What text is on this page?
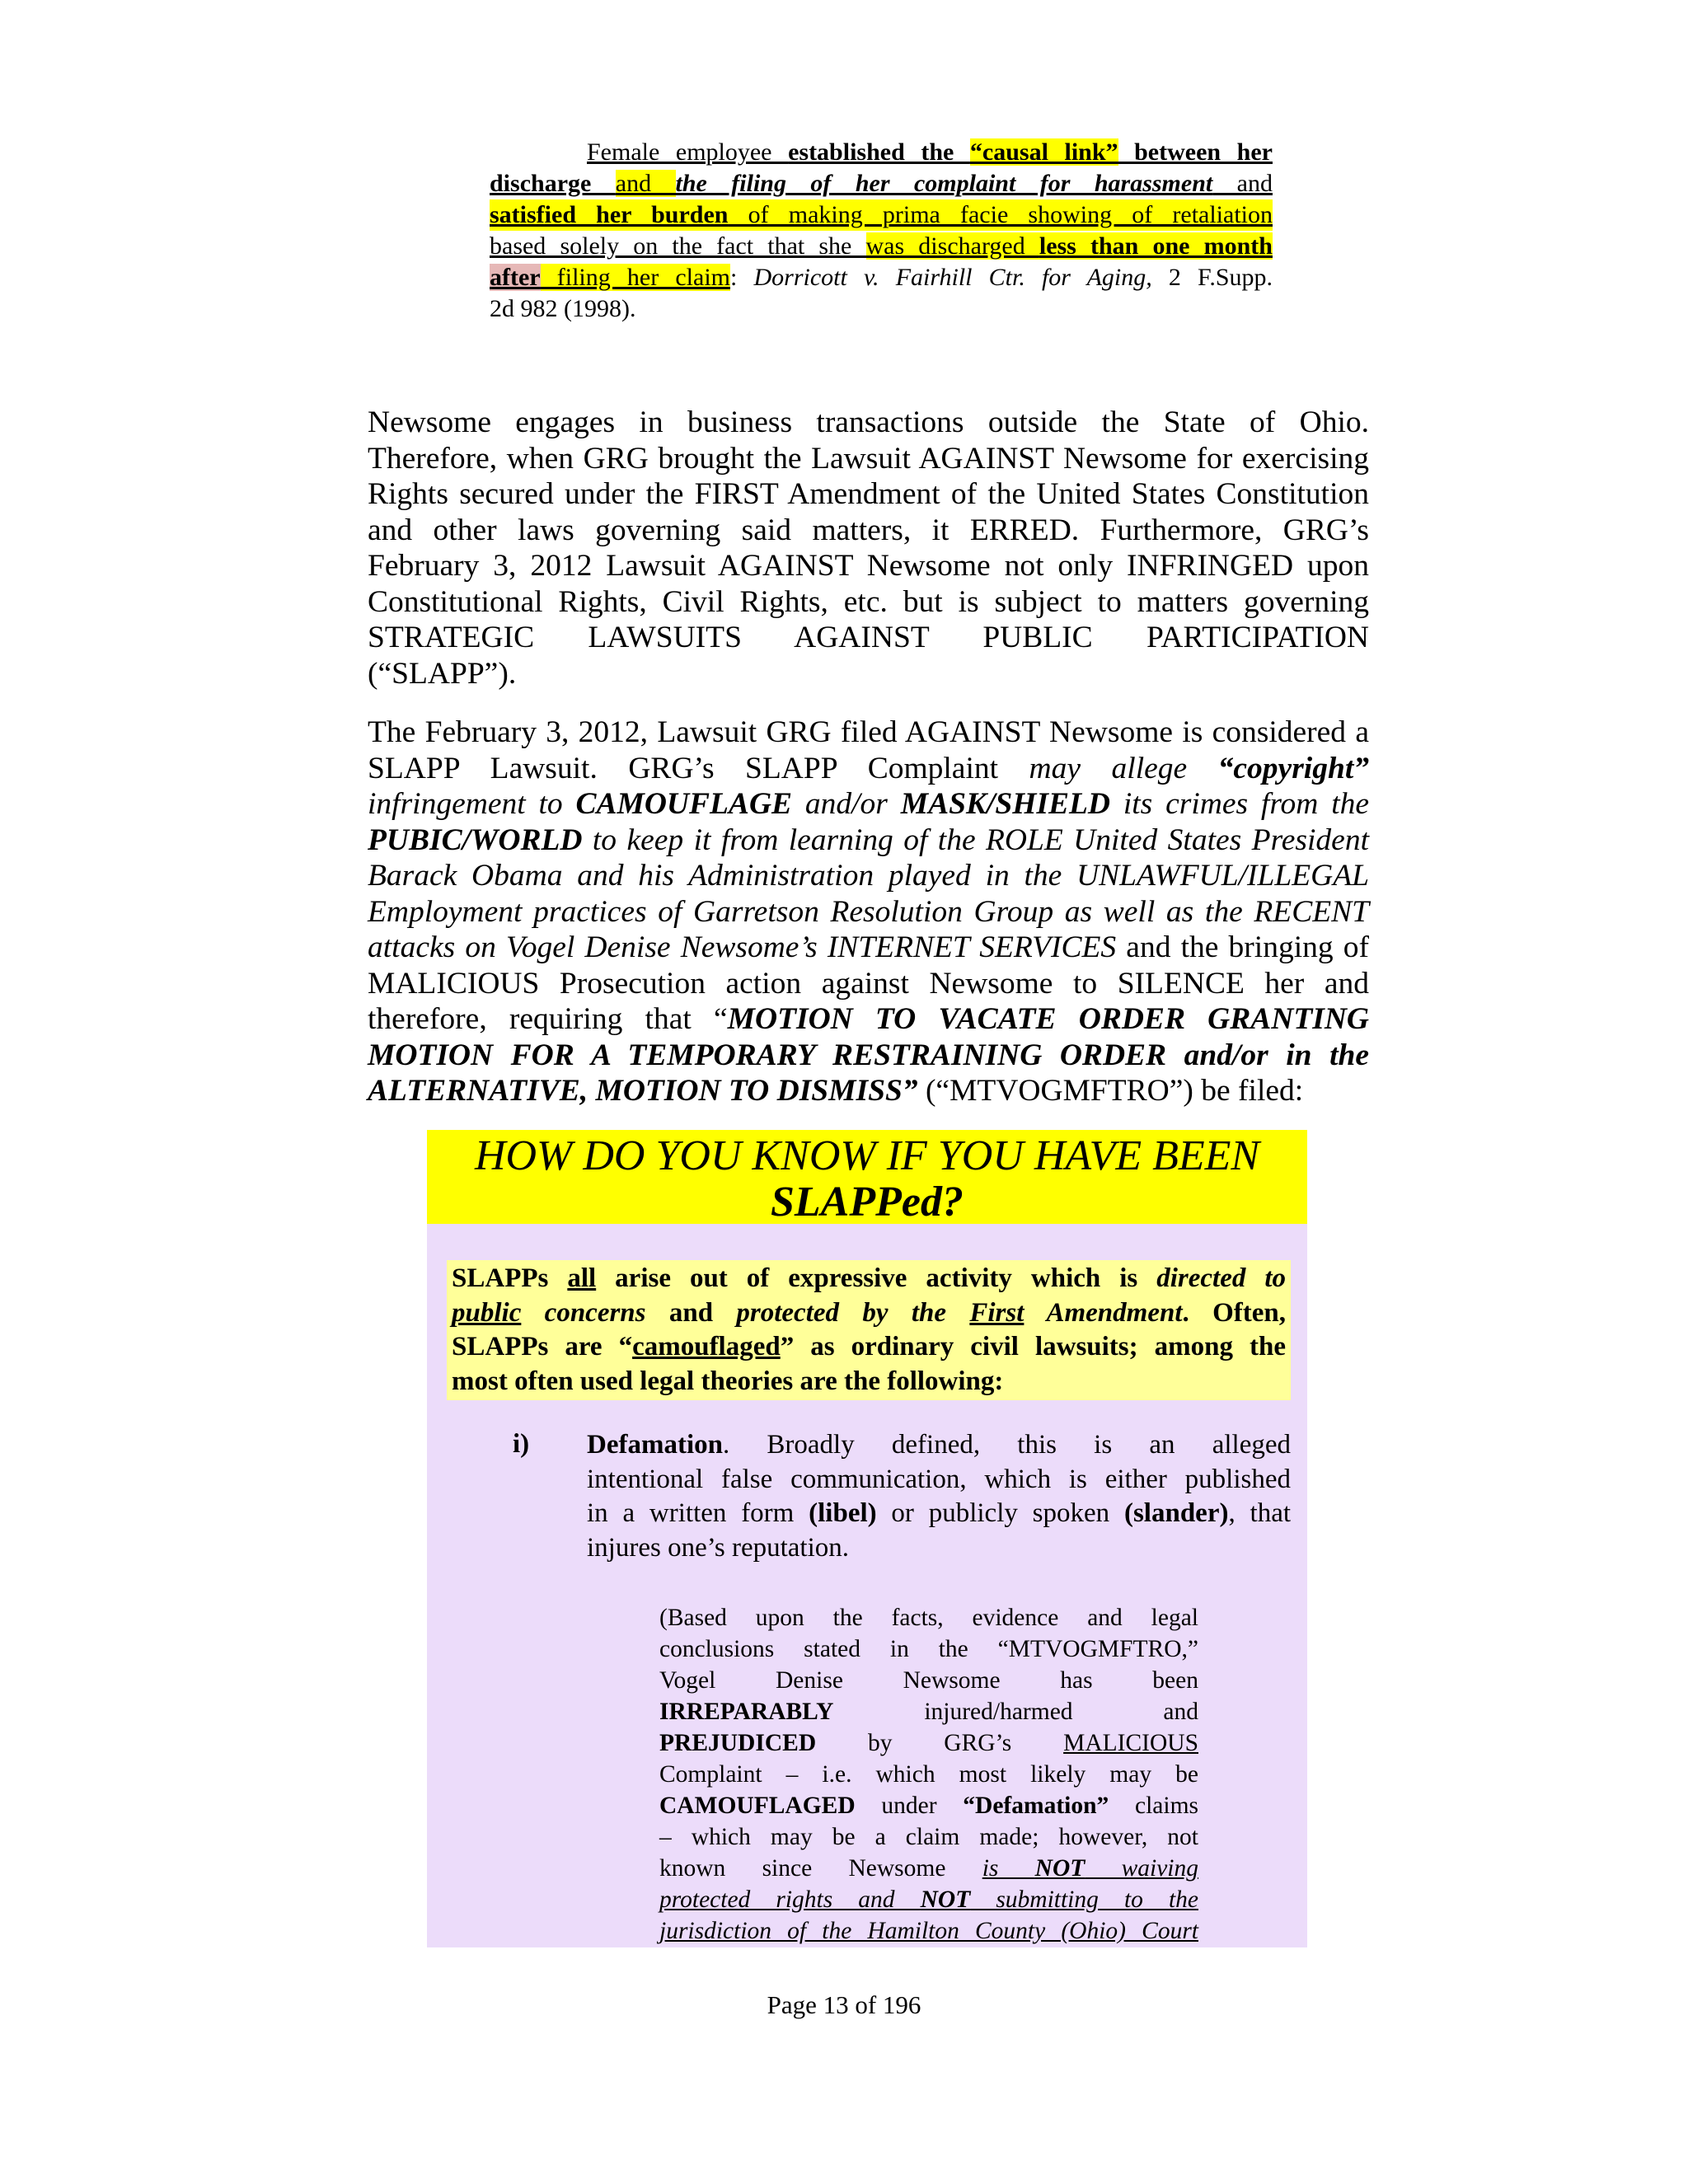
Female employee established the “causal link” between her
discharge and the filing of her complaint for harassment and
satisfied her burden of making prima facie showing of retaliation
based solely on the fact that she was discharged less than one month
after filing her claim: Dorricott v. Fairhill Ctr. for Aging, 2 F.Supp.
2d 982 (1998).
Newsome engages in business transactions outside the State of Ohio.
Therefore, when GRG brought the Lawsuit AGAINST Newsome for exercising
Rights secured under the FIRST Amendment of the United States Constitution
and other laws governing said matters, it ERRED. Furthermore, GRG’s
February 3, 2012 Lawsuit AGAINST Newsome not only INFRINGED upon
Constitutional Rights, Civil Rights, etc. but is subject to matters governing
STRATEGIC LAWSUITS AGAINST PUBLIC PARTICIPATION
(“SLAPP”).
The February 3, 2012, Lawsuit GRG filed AGAINST Newsome is considered a
SLAPP Lawsuit. GRG’s SLAPP Complaint may allege “copyright”
infringement to CAMOUFLAGE and/or MASK/SHIELD its crimes from the
PUBIC/WORLD to keep it from learning of the ROLE United States President
Barack Obama and his Administration played in the UNLAWFUL/ILLEGAL
Employment practices of Garretson Resolution Group as well as the RECENT
attacks on Vogel Denise Newsome’s INTERNET SERVICES and the bringing of
MALICIOUS Prosecution action against Newsome to SILENCE her and
therefore, requiring that “MOTION TO VACATE ORDER GRANTING
MOTION FOR A TEMPORARY RESTRAINING ORDER and/or in the
ALTERNATIVE, MOTION TO DISMISS” (“MTVOGMFTRO”) be filed:
HOW DO YOU KNOW IF YOU HAVE BEEN
SLAPPed?
SLAPPs all arise out of expressive activity which is directed to
public concerns and protected by the First Amendment. Often,
SLAPPs are “camouflaged” as ordinary civil lawsuits; among the
most often used legal theories are the following:
i) Defamation. Broadly defined, this is an alleged
intentional false communication, which is either published
in a written form (libel) or publicly spoken (slander), that
injures one’s reputation.
(Based upon the facts, evidence and legal
conclusions stated in the “MTVOGMFTRO,”
Vogel Denise Newsome has been
IRREPARABLY injured/harmed and
PREJUDICED by GRG’s MALICIOUS
Complaint – i.e. which most likely may be
CAMOUFLAGED under “Defamation” claims
– which may be a claim made; however, not
known since Newsome is NOT waiving
protected rights and NOT submitting to the
jurisdiction of the Hamilton County (Ohio) Court
Page 13 of 196
